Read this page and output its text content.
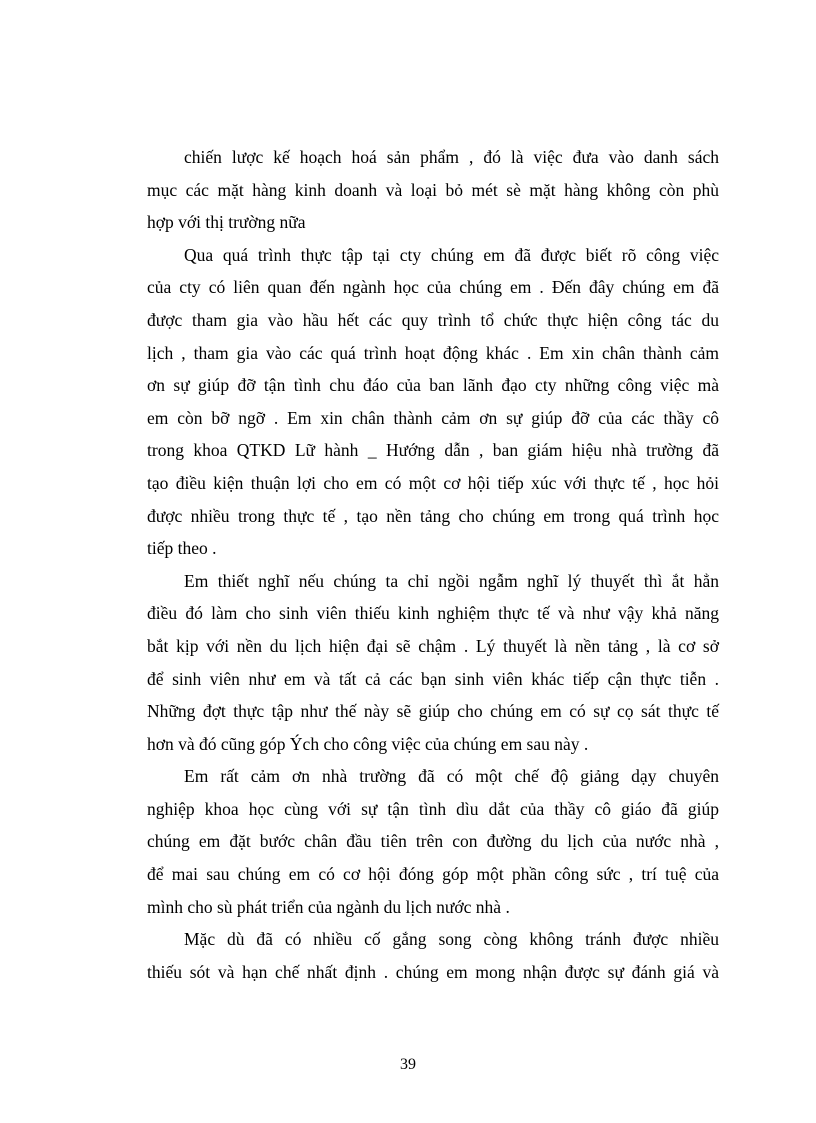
chiến lược kế hoạch hoá sản phẩm , đó là việc đưa vào danh sách
mục các mặt hàng kinh doanh và loại bỏ mét sè mặt hàng không còn phù
hợp với thị trường nữa
Qua quá trình thực tập tại cty chúng em đã được biết rõ công việc
của cty có liên quan đến ngành học của chúng em . Đến đây chúng em đã
được tham gia vào hầu hết các quy trình tổ chức thực hiện công tác du
lịch , tham gia vào các quá trình hoạt động khác . Em xin chân thành cảm
ơn sự giúp đỡ tận tình chu đáo của ban lãnh đạo cty những công việc mà
em còn bỡ ngỡ . Em xin chân thành cảm ơn sự giúp đỡ của các thầy cô
trong khoa QTKD Lữ hành _ Hướng dẫn , ban giám hiệu nhà trường đã
tạo điều kiện thuận lợi cho em có một cơ hội tiếp xúc với thực tế , học hỏi
được nhiều trong thực tế , tạo nền tảng cho chúng em trong quá trình học
tiếp theo .
Em thiết nghĩ nếu chúng ta chỉ ngồi ngẫm nghĩ lý thuyết thì ắt hẳn
điều đó làm cho sinh viên thiếu kinh nghiệm thực tế và như vậy khả năng
bắt kịp với nền du lịch hiện đại sẽ chậm . Lý thuyết là nền tảng , là cơ sở
để sinh viên như em và tất cả các bạn sinh viên khác tiếp cận thực tiễn .
Những đợt thực tập như thế này sẽ giúp cho chúng em có sự cọ sát thực tế
hơn và đó cũng góp Ých cho công việc của chúng em sau này .
Em rất cảm ơn nhà trường đã có một chế độ giảng dạy chuyên
nghiệp khoa học cùng với sự tận tình dìu dắt của thầy cô giáo đã giúp
chúng em đặt bước chân đầu tiên trên con đường du lịch của nước nhà ,
để mai sau chúng em có cơ hội đóng góp một phần công sức , trí tuệ của
mình cho sù phát triển của ngành du lịch nước nhà .
Mặc dù đã có nhiều cố gắng song còng không tránh được nhiều
thiếu sót và hạn chế nhất định . chúng em mong nhận được sự đánh giá và
39
